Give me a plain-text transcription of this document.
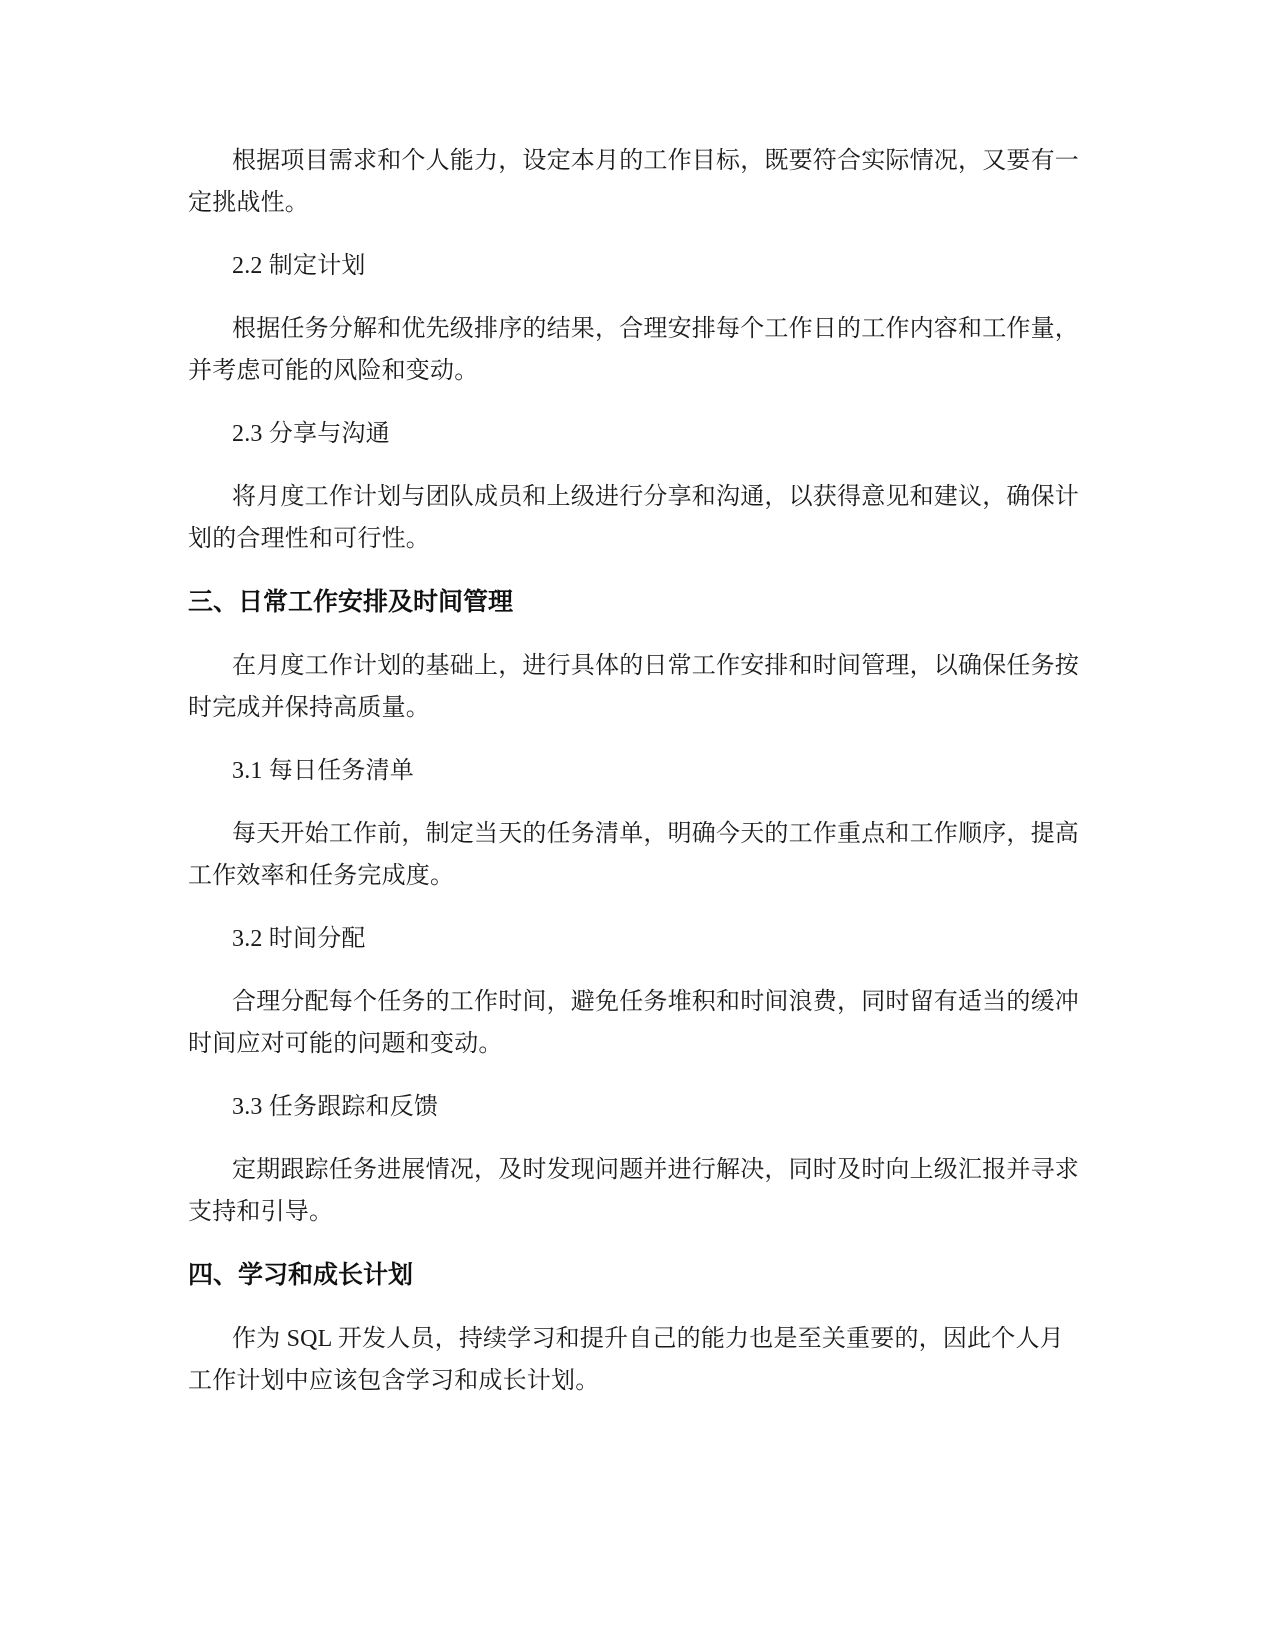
根据项目需求和个人能力，设定本月的工作目标，既要符合实际情况，又要有一定挑战性。

2.2 制定计划

根据任务分解和优先级排序的结果，合理安排每个工作日的工作内容和工作量，并考虑可能的风险和变动。

2.3 分享与沟通

将月度工作计划与团队成员和上级进行分享和沟通，以获得意见和建议，确保计划的合理性和可行性。

三、日常工作安排及时间管理

在月度工作计划的基础上，进行具体的日常工作安排和时间管理，以确保任务按时完成并保持高质量。

3.1 每日任务清单

每天开始工作前，制定当天的任务清单，明确今天的工作重点和工作顺序，提高工作效率和任务完成度。

3.2 时间分配

合理分配每个任务的工作时间，避免任务堆积和时间浪费，同时留有适当的缓冲时间应对可能的问题和变动。

3.3 任务跟踪和反馈

定期跟踪任务进展情况，及时发现问题并进行解决，同时及时向上级汇报并寻求支持和引导。

四、学习和成长计划

作为 SQL 开发人员，持续学习和提升自己的能力也是至关重要的，因此个人月工作计划中应该包含学习和成长计划。
